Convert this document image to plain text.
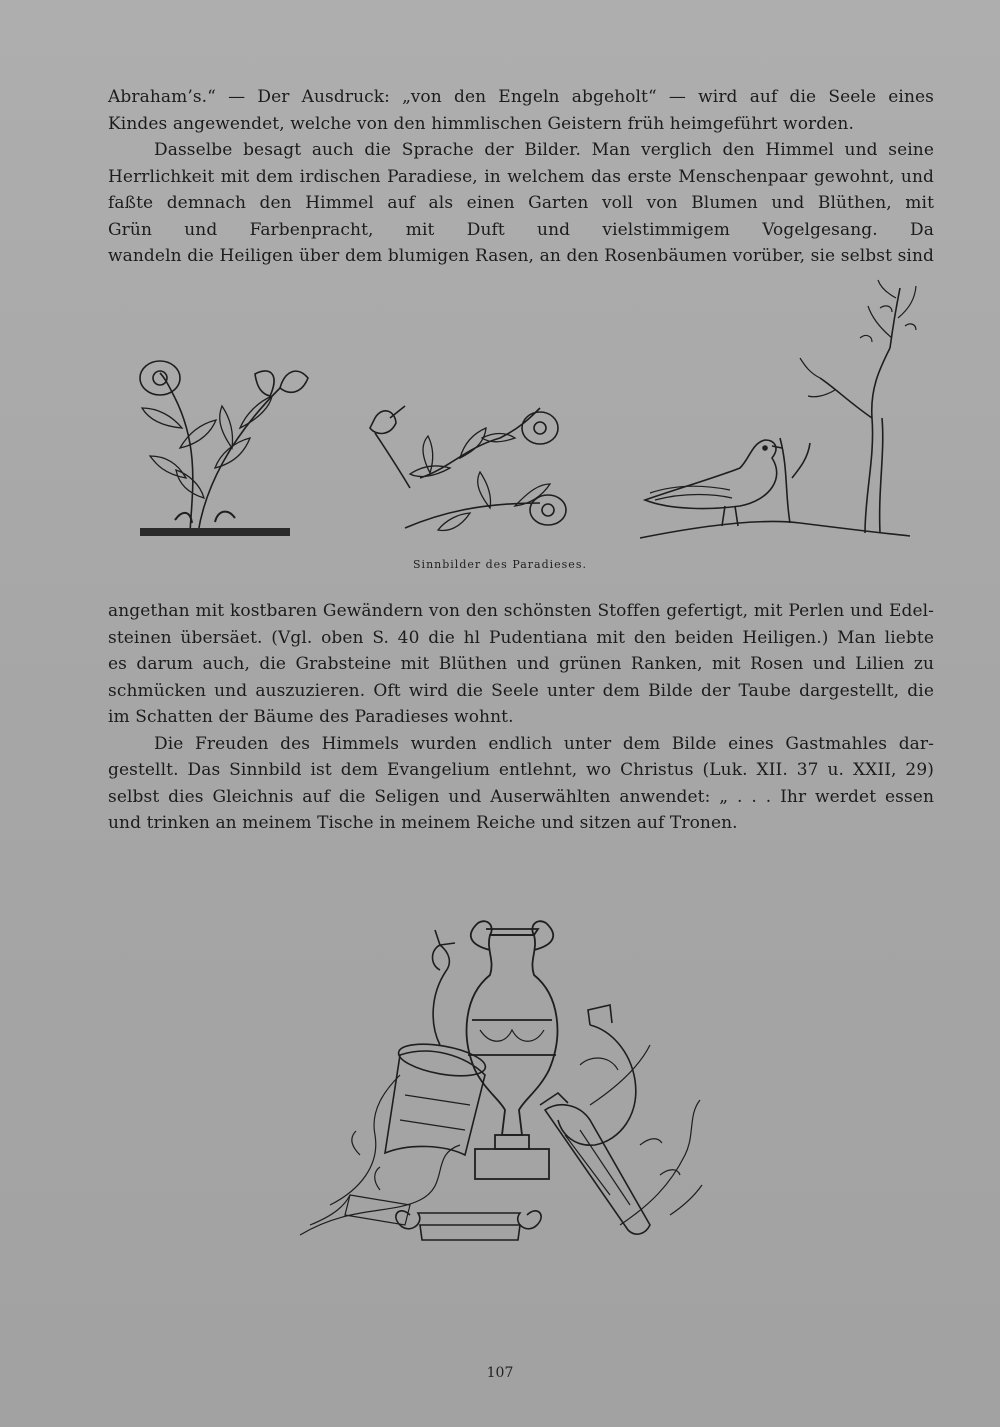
Abraham’s.“ — Der Ausdruck: „von den Engeln abgeholt“ — wird auf die Seele eines
Kindes angewendet, welche von den himmlischen Geistern früh heimgeführt worden.
Dasselbe besagt auch die Sprache der Bilder. Man verglich den Himmel und seine
Herrlichkeit mit dem irdischen Paradiese, in welchem das erste Menschenpaar gewohnt, und
faßte demnach den Himmel auf als einen Garten voll von Blumen und Blüthen, mit
Grün und Farbenpracht, mit Duft und vielstimmigem Vogelgesang. Da
wandeln die Heiligen über dem blumigen Rasen, an den Rosenbäumen vorüber, sie selbst sind
Sinnbilder des Paradieses.
angethan mit kostbaren Gewändern von den schönsten Stoffen gefertigt, mit Perlen und Edel-
steinen übersäet. (Vgl. oben S. 40 die hl Pudentiana mit den beiden Heiligen.) Man liebte
es darum auch, die Grabsteine mit Blüthen und grünen Ranken, mit Rosen und Lilien zu
schmücken und auszuzieren. Oft wird die Seele unter dem Bilde der Taube dargestellt, die
im Schatten der Bäume des Paradieses wohnt.
Die Freuden des Himmels wurden endlich unter dem Bilde eines Gastmahles dar-
gestellt. Das Sinnbild ist dem Evangelium entlehnt, wo Christus (Luk. XII. 37 u. XXII, 29)
selbst dies Gleichnis auf die Seligen und Auserwählten anwendet: „ . . . Ihr werdet essen
und trinken an meinem Tische in meinem Reiche und sitzen auf Tronen.
107
